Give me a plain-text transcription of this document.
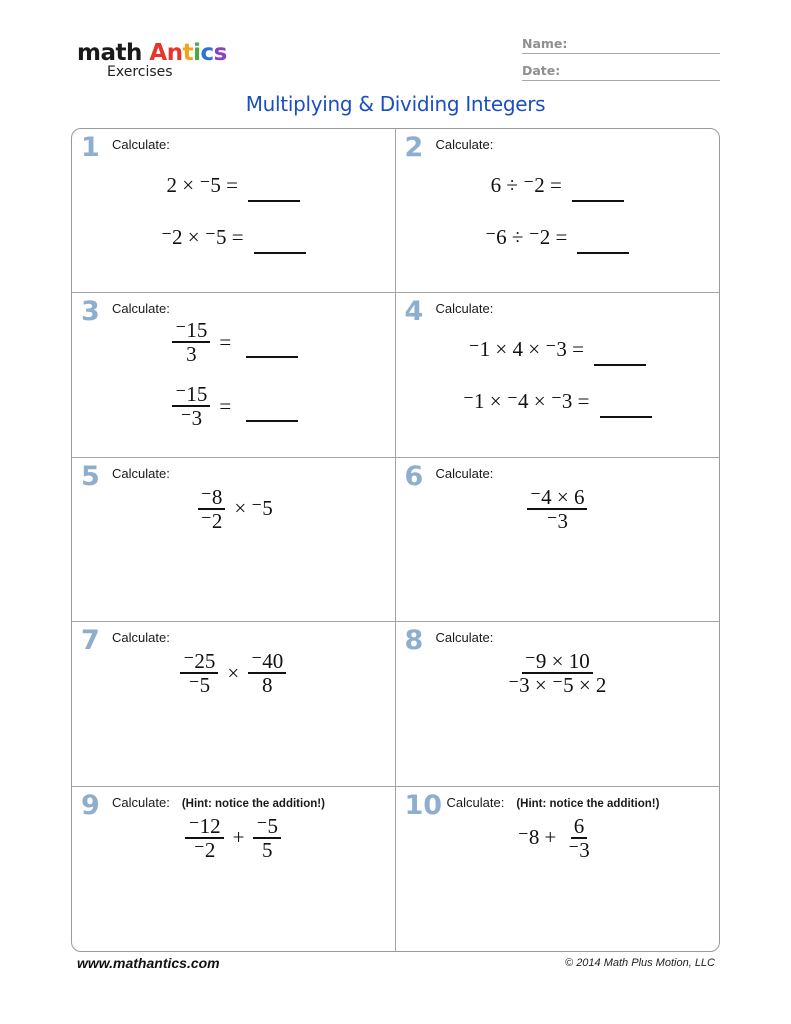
math Antics
Exercises
Name:
Date:
Multiplying & Dividing Integers
1 Calculate:
2 × ⁻5 =
⁻2 × ⁻5 =
2 Calculate:
6 ÷ ⁻2 =
⁻6 ÷ ⁻2 =
3 Calculate:
$\frac{^-15}{3}$ =
$\frac{^-15}{^-3}$ =
4 Calculate:
⁻1 × 4 × ⁻3 =
⁻1 × ⁻4 × ⁻3 =
5 Calculate:
$\frac{^-8}{^-2} \times ^-5$
6 Calculate:
$\frac{^-4 \times 6}{^-3}$
7 Calculate:
$\frac{^-25}{^-5} \times \frac{^-40}{8}$
8 Calculate:
$\frac{^-9 \times 10}{^-3 \times ^-5 \times 2}$
9 Calculate: (Hint: notice the addition!)
$\frac{^-12}{^-2} + \frac{^-5}{5}$
10 Calculate: (Hint: notice the addition!)
$^-8 + \frac{6}{^-3}$
www.mathantics.com	© 2014 Math Plus Motion, LLC
